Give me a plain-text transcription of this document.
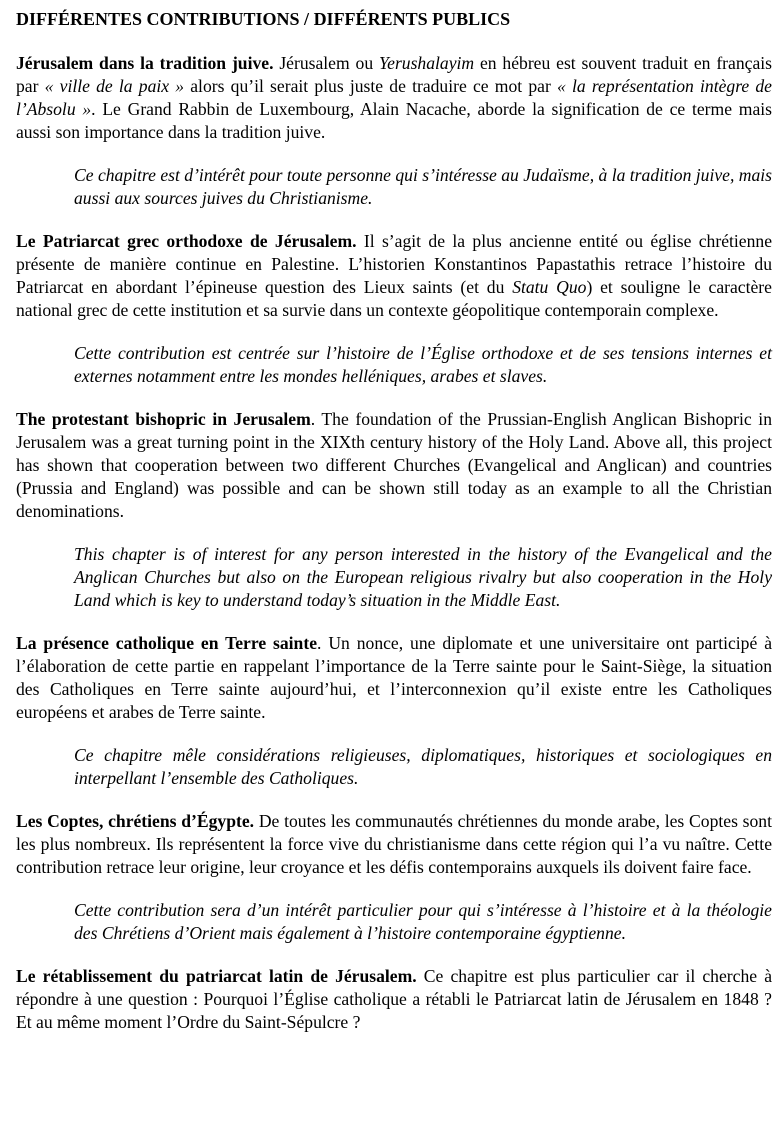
DIFFÉRENTES CONTRIBUTIONS / DIFFÉRENTS PUBLICS

Jérusalem dans la tradition juive. Jérusalem ou Yerushalayim en hébreu est souvent traduit en français par « ville de la paix » alors qu’il serait plus juste de traduire ce mot par « la représentation intègre de l’Absolu ». Le Grand Rabbin de Luxembourg, Alain Nacache, aborde la signification de ce terme mais aussi son importance dans la tradition juive.

Ce chapitre est d’intérêt pour toute personne qui s’intéresse au Judaïsme, à la tradition juive, mais aussi aux sources juives du Christianisme.

Le Patriarcat grec orthodoxe de Jérusalem. Il s’agit de la plus ancienne entité ou église chrétienne présente de manière continue en Palestine. L’historien Konstantinos Papastathis retrace l’histoire du Patriarcat en abordant l’épineuse question des Lieux saints (et du Statu Quo) et souligne le caractère national grec de cette institution et sa survie dans un contexte géopolitique contemporain complexe.

Cette contribution est centrée sur l’histoire de l’Église orthodoxe et de ses tensions internes et externes notamment entre les mondes helléniques, arabes et slaves.

The protestant bishopric in Jerusalem. The foundation of the Prussian-English Anglican Bishopric in Jerusalem was a great turning point in the XIXth century history of the Holy Land. Above all, this project has shown that cooperation between two different Churches (Evangelical and Anglican) and countries (Prussia and England) was possible and can be shown still today as an example to all the Christian denominations.

This chapter is of interest for any person interested in the history of the Evangelical and the Anglican Churches but also on the European religious rivalry but also cooperation in the Holy Land which is key to understand today’s situation in the Middle East.

La présence catholique en Terre sainte. Un nonce, une diplomate et une universitaire ont participé à l’élaboration de cette partie en rappelant l’importance de la Terre sainte pour le Saint-Siège, la situation des Catholiques en Terre sainte aujourd’hui, et l’interconnexion qu’il existe entre les Catholiques européens et arabes de Terre sainte.

Ce chapitre mêle considérations religieuses, diplomatiques, historiques et sociologiques en interpellant l’ensemble des Catholiques.

Les Coptes, chrétiens d’Égypte. De toutes les communautés chrétiennes du monde arabe, les Coptes sont les plus nombreux. Ils représentent la force vive du christianisme dans cette région qui l’a vu naître. Cette contribution retrace leur origine, leur croyance et les défis contemporains auxquels ils doivent faire face.

Cette contribution sera d’un intérêt particulier pour qui s’intéresse à l’histoire et à la théologie des Chrétiens d’Orient mais également à l’histoire contemporaine égyptienne.

Le rétablissement du patriarcat latin de Jérusalem. Ce chapitre est plus particulier car il cherche à répondre à une question : Pourquoi l’Église catholique a rétabli le Patriarcat latin de Jérusalem en 1848 ? Et au même moment l’Ordre du Saint-Sépulcre ?
